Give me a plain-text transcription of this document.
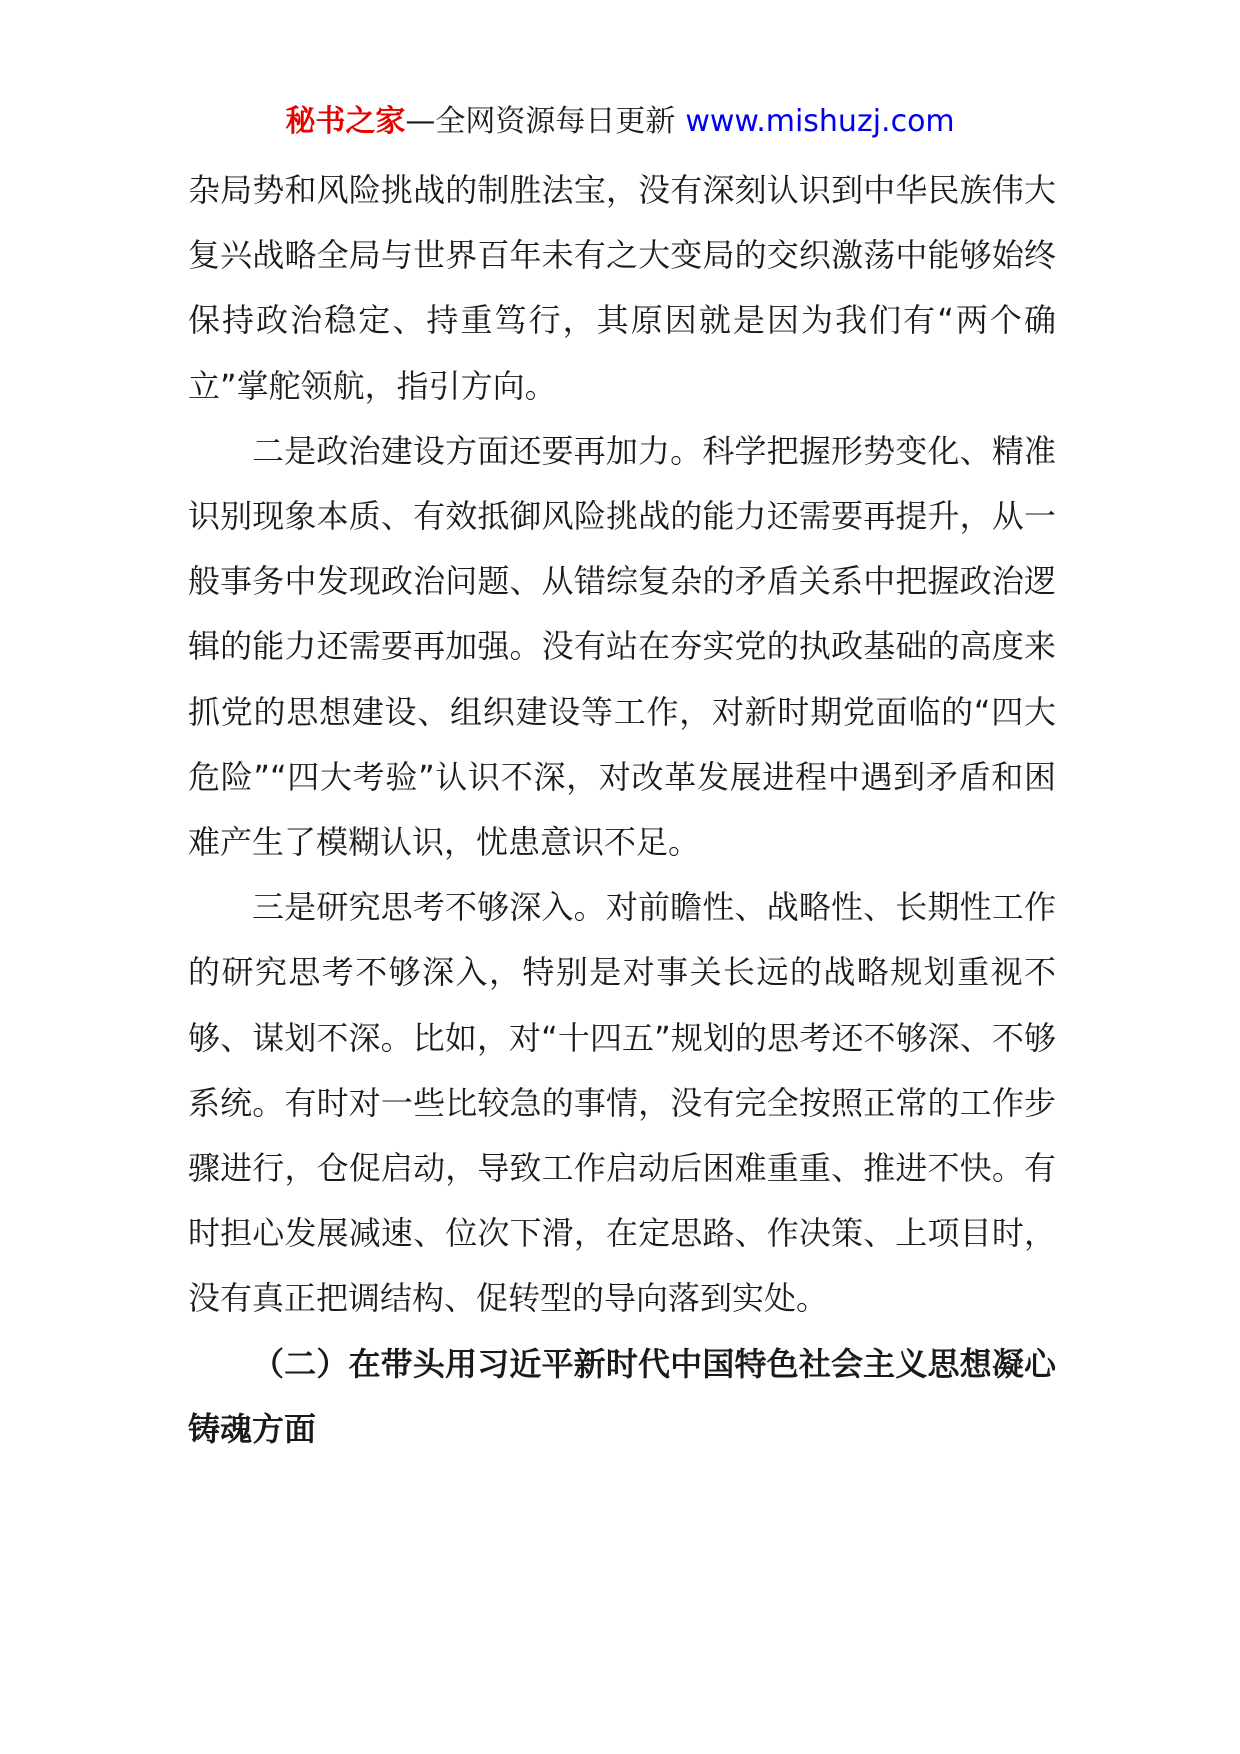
秘书之家—全网资源每日更新 www.mishuzj.com

杂局势和风险挑战的制胜法宝，没有深刻认识到中华民族伟大复兴战略全局与世界百年未有之大变局的交织激荡中能够始终保持政治稳定、持重笃行，其原因就是因为我们有“两个确立”掌舵领航，指引方向。

二是政治建设方面还要再加力。科学把握形势变化、精准识别现象本质、有效抵御风险挑战的能力还需要再提升，从一般事务中发现政治问题、从错综复杂的矛盾关系中把握政治逻辑的能力还需要再加强。没有站在夯实党的执政基础的高度来抓党的思想建设、组织建设等工作，对新时期党面临的“四大危险”“四大考验”认识不深，对改革发展进程中遇到矛盾和困难产生了模糊认识，忧患意识不足。

三是研究思考不够深入。对前瞻性、战略性、长期性工作的研究思考不够深入，特别是对事关长远的战略规划重视不够、谋划不深。比如，对“十四五”规划的思考还不够深、不够系统。有时对一些比较急的事情，没有完全按照正常的工作步骤进行，仓促启动，导致工作启动后困难重重、推进不快。有时担心发展减速、位次下滑，在定思路、作决策、上项目时，没有真正把调结构、促转型的导向落到实处。

（二）在带头用习近平新时代中国特色社会主义思想凝心铸魂方面
